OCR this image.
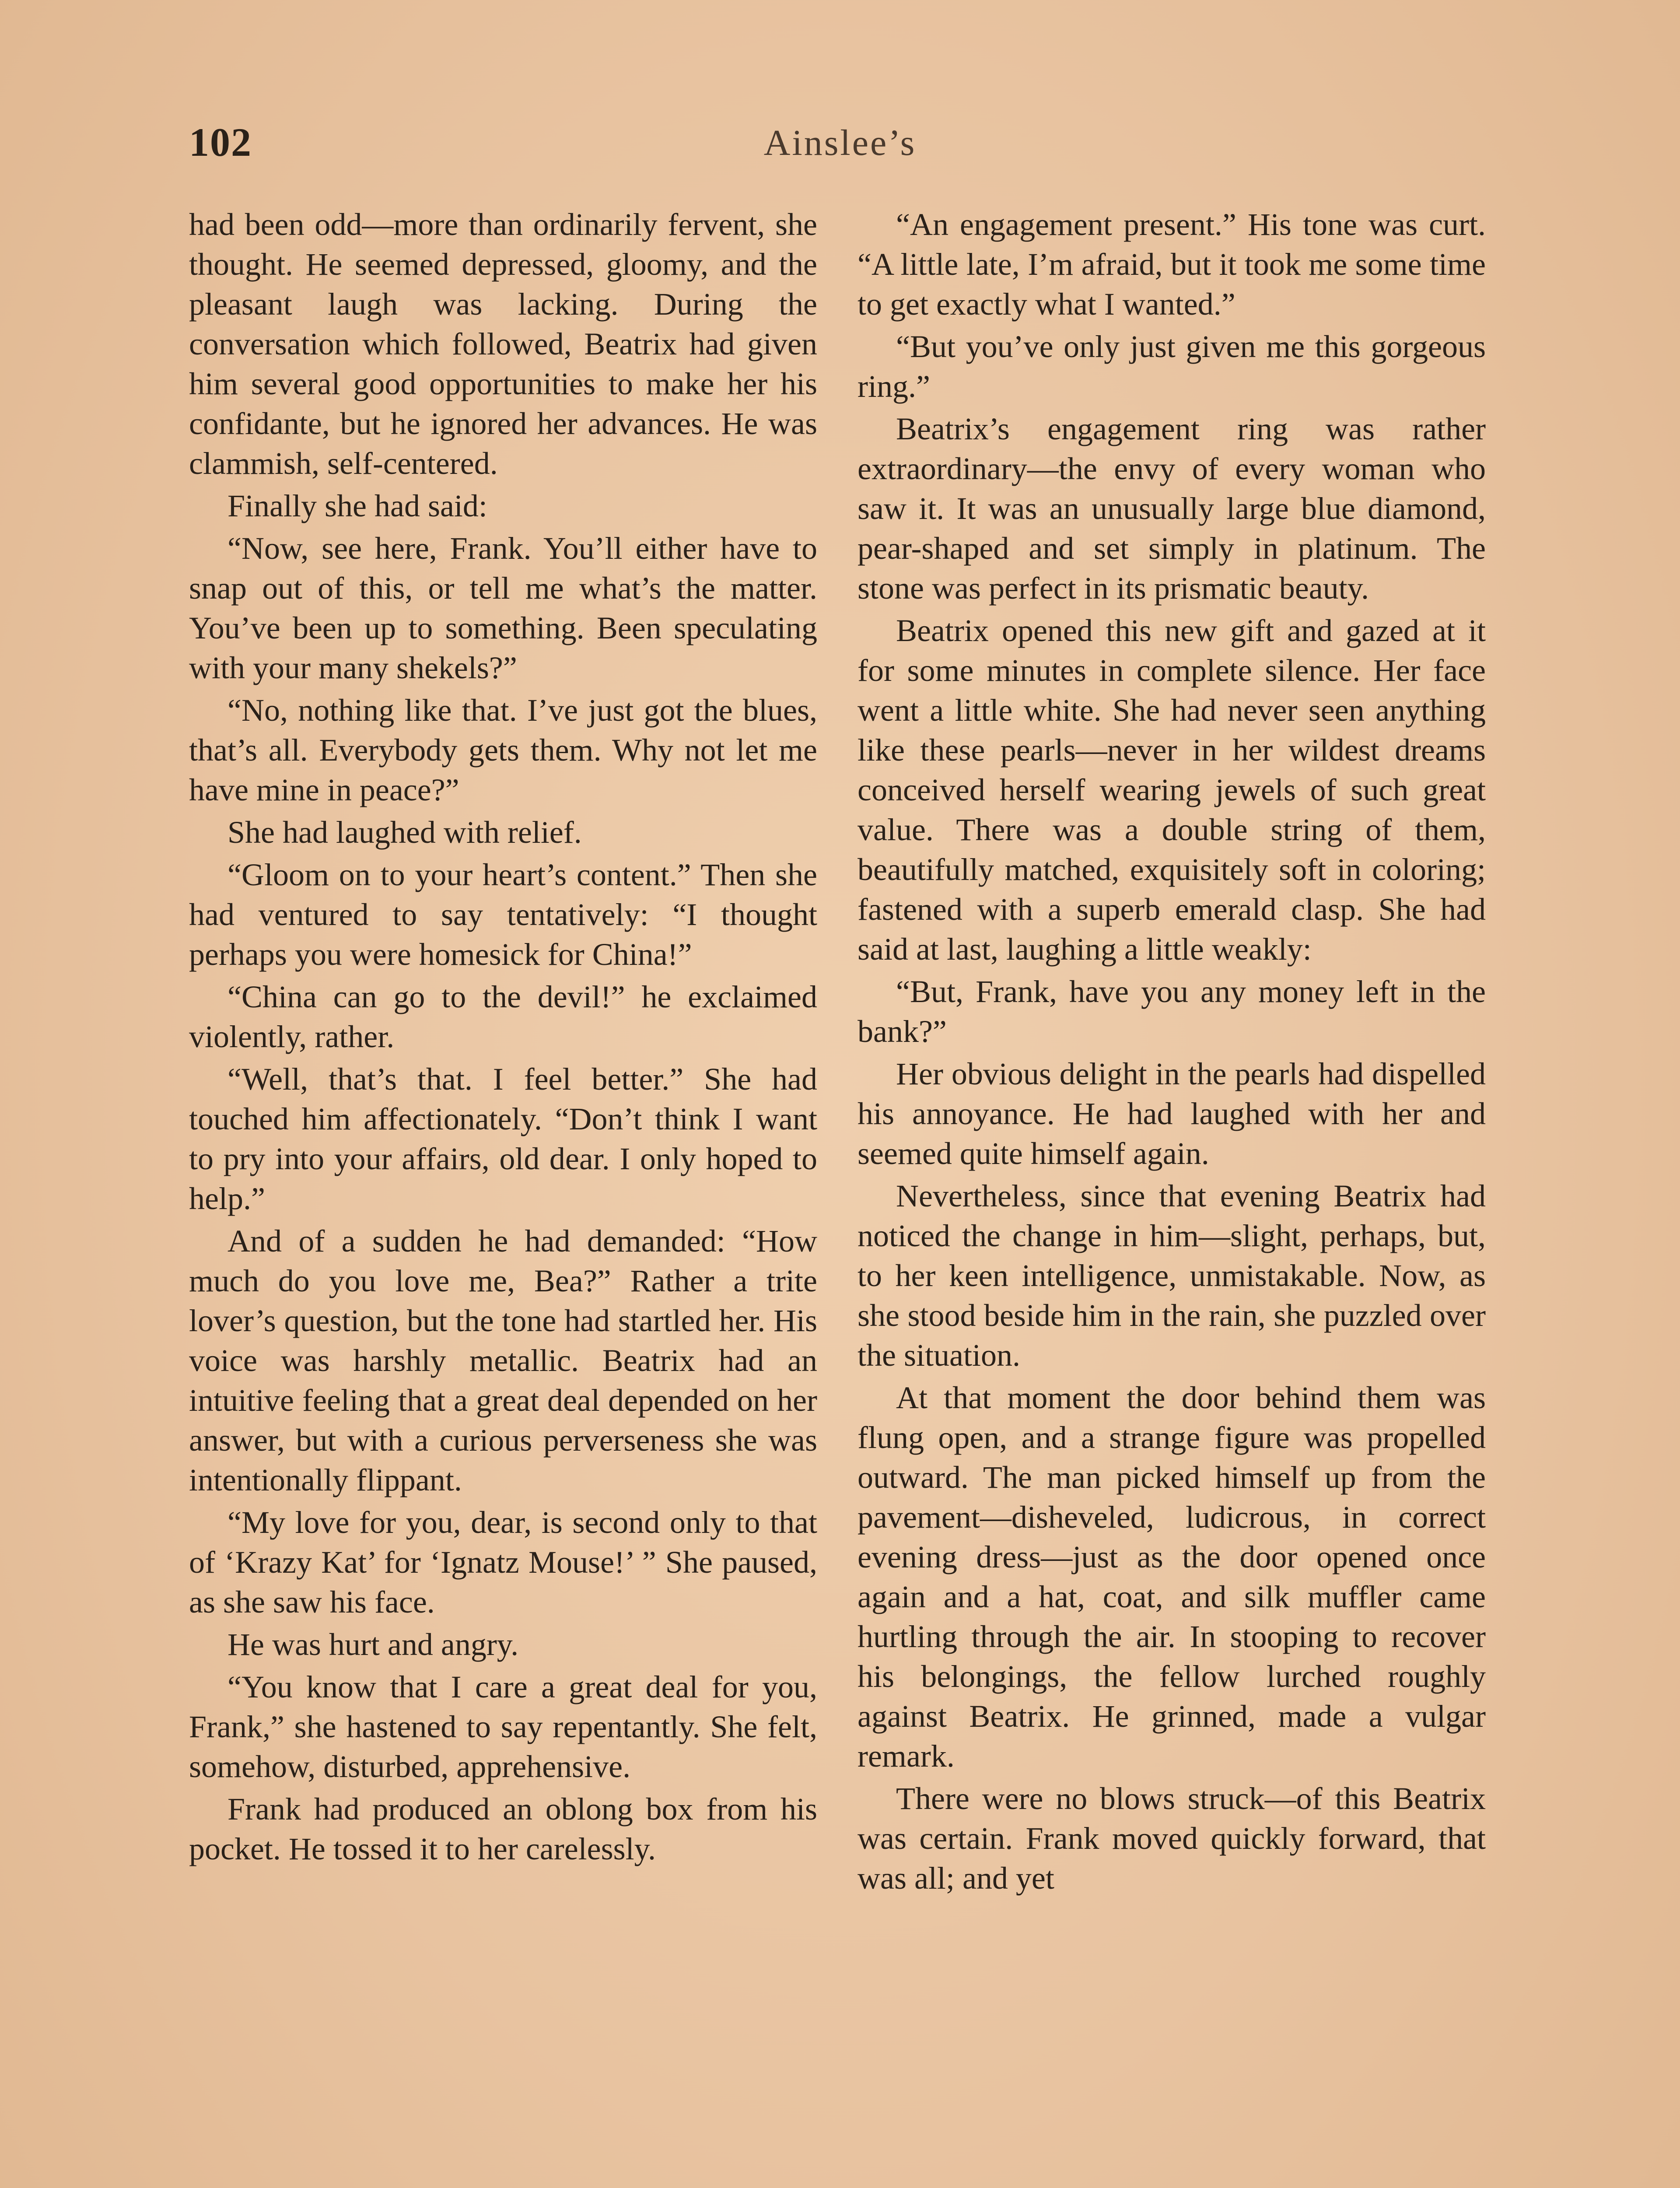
102	Ainslee’s

had been odd—more than ordinarily fervent, she thought. He seemed depressed, gloomy, and the pleasant laugh was lacking. During the conversation which followed, Beatrix had given him several good opportunities to make her his confidante, but he ignored her advances. He was clammish, self-centered.

Finally she had said:

“Now, see here, Frank. You’ll either have to snap out of this, or tell me what’s the matter. You’ve been up to something. Been speculating with your many shekels?”

“No, nothing like that. I’ve just got the blues, that’s all. Everybody gets them. Why not let me have mine in peace?”

She had laughed with relief.

“Gloom on to your heart’s content.” Then she had ventured to say tentatively: “I thought perhaps you were homesick for China!”

“China can go to the devil!” he exclaimed violently, rather.

“Well, that’s that. I feel better.” She had touched him affectionately. “Don’t think I want to pry into your affairs, old dear. I only hoped to help.”

And of a sudden he had demanded: “How much do you love me, Bea?” Rather a trite lover’s question, but the tone had startled her. His voice was harshly metallic. Beatrix had an intuitive feeling that a great deal depended on her answer, but with a curious perverseness she was intentionally flippant.

“My love for you, dear, is second only to that of ‘Krazy Kat’ for ‘Ignatz Mouse!’ ” She paused, as she saw his face.

He was hurt and angry.

“You know that I care a great deal for you, Frank,” she hastened to say repentantly. She felt, somehow, disturbed, apprehensive.

Frank had produced an oblong box from his pocket. He tossed it to her carelessly.

“An engagement present.” His tone was curt. “A little late, I’m afraid, but it took me some time to get exactly what I wanted.”

“But you’ve only just given me this gorgeous ring.”

Beatrix’s engagement ring was rather extraordinary—the envy of every woman who saw it. It was an unusually large blue diamond, pear-shaped and set simply in platinum. The stone was perfect in its prismatic beauty.

Beatrix opened this new gift and gazed at it for some minutes in complete silence. Her face went a little white. She had never seen anything like these pearls—never in her wildest dreams conceived herself wearing jewels of such great value. There was a double string of them, beautifully matched, exquisitely soft in coloring; fastened with a superb emerald clasp. She had said at last, laughing a little weakly:

“But, Frank, have you any money left in the bank?”

Her obvious delight in the pearls had dispelled his annoyance. He had laughed with her and seemed quite himself again.

Nevertheless, since that evening Beatrix had noticed the change in him—slight, perhaps, but, to her keen intelligence, unmistakable. Now, as she stood beside him in the rain, she puzzled over the situation.

At that moment the door behind them was flung open, and a strange figure was propelled outward. The man picked himself up from the pavement—disheveled, ludicrous, in correct evening dress—just as the door opened once again and a hat, coat, and silk muffler came hurtling through the air. In stooping to recover his belongings, the fellow lurched roughly against Beatrix. He grinned, made a vulgar remark.

There were no blows struck—of this Beatrix was certain. Frank moved quickly forward, that was all; and yet
